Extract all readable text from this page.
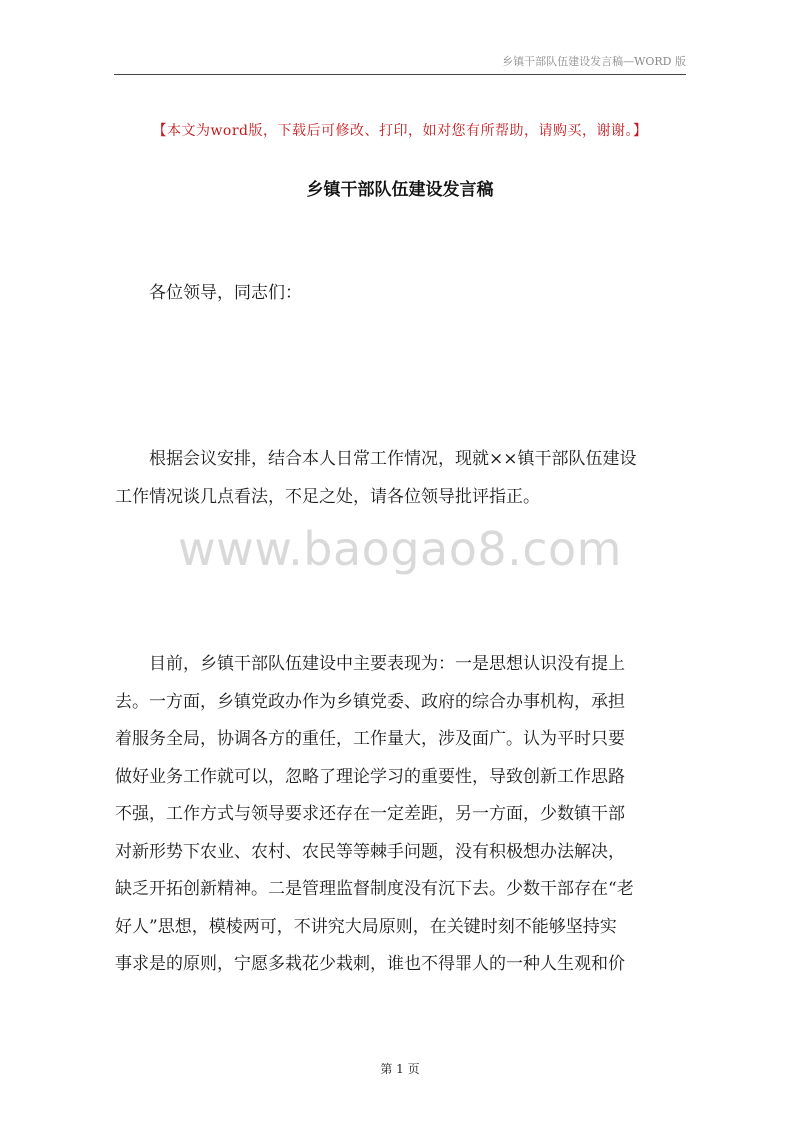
乡镇干部队伍建设发言稿—WORD 版
【本文为word版，下载后可修改、打印，如对您有所帮助，请购买，谢谢。】
乡镇干部队伍建设发言稿
　　各位领导，同志们：
　　根据会议安排，结合本人日常工作情况，现就××镇干部队伍建设
工作情况谈几点看法，不足之处，请各位领导批评指正。
www.baogao8.com
　　目前，乡镇干部队伍建设中主要表现为：一是思想认识没有提上
去。一方面，乡镇党政办作为乡镇党委、政府的综合办事机构，承担
着服务全局，协调各方的重任，工作量大，涉及面广。认为平时只要
做好业务工作就可以，忽略了理论学习的重要性，导致创新工作思路
不强，工作方式与领导要求还存在一定差距，另一方面，少数镇干部
对新形势下农业、农村、农民等等棘手问题，没有积极想办法解决，
缺乏开拓创新精神。二是管理监督制度没有沉下去。少数干部存在“老
好人”思想，模棱两可，不讲究大局原则，在关键时刻不能够坚持实
事求是的原则，宁愿多栽花少栽刺，谁也不得罪人的一种人生观和价
第 1 页
